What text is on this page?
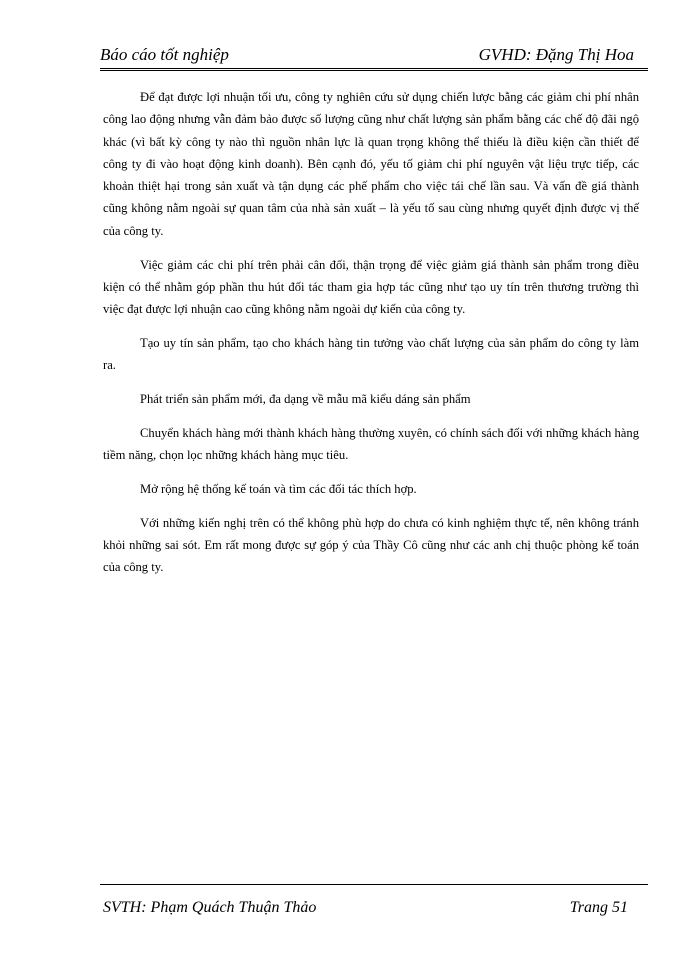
Báo cáo tốt nghiệp	GVHD: Đặng Thị Hoa

Để đạt được lợi nhuận tối ưu, công ty nghiên cứu sử dụng chiến lược bằng các giảm chi phí nhân công lao động nhưng vẫn đảm bảo được số lượng cũng như chất lượng sản phẩm bằng các chế độ đãi ngộ khác (vì bất kỳ công ty nào thì nguồn nhân lực là quan trọng không thể thiếu là điều kiện cần thiết để công ty đi vào hoạt động kinh doanh). Bên cạnh đó, yếu tố giảm chi phí nguyên vật liệu trực tiếp, các khoản thiệt hại trong sản xuất và tận dụng các phế phẩm cho việc tái chế lần sau. Và vấn đề giá thành cũng không nằm ngoài sự quan tâm của nhà sản xuất – là yếu tố sau cùng nhưng quyết định được vị thế của công ty.

Việc giảm các chi phí trên phải cân đối, thận trọng để việc giảm giá thành sản phẩm trong điều kiện có thể nhằm góp phần thu hút đối tác tham gia hợp tác cũng như tạo uy tín trên thương trường thì việc đạt được lợi nhuận cao cũng không nằm ngoài dự kiến của công ty.

Tạo uy tín sản phẩm, tạo cho khách hàng tin tưởng vào chất lượng của sản phẩm do công ty làm ra.

Phát triển sản phẩm mới, đa dạng về mẫu mã kiểu dáng sản phẩm

Chuyển khách hàng mới thành khách hàng thường xuyên, có chính sách đối với những khách hàng tiềm năng, chọn lọc những khách hàng mục tiêu.

Mở rộng hệ thống kế toán và tìm các đối tác thích hợp.

Với những kiến nghị trên có thể không phù hợp do chưa có kinh nghiệm thực tế, nên không tránh khỏi những sai sót. Em rất mong được sự góp ý của Thầy Cô cũng như các anh chị thuộc phòng kế toán của công ty.

SVTH: Phạm Quách Thuận Thảo	Trang 51
